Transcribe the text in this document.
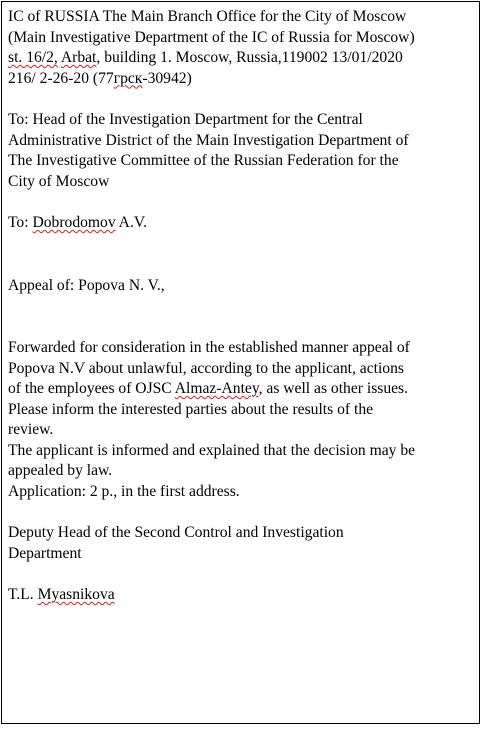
IC of RUSSIA The Main Branch Office for the City of Moscow
(Main Investigative Department of the IC of Russia for Moscow)
st. 16/2, Arbat, building 1. Moscow, Russia,119002 13/01/2020
216/ 2-26-20 (77грск-30942)
To: Head of the Investigation Department for the Central
Administrative District of the Main Investigation Department of
The Investigative Committee of the Russian Federation for the
City of Moscow
To: Dobrodomov A.V.
Appeal of: Popova N. V.,
Forwarded for consideration in the established manner appeal of
Popova N.V about unlawful, according to the applicant, actions
of the employees of OJSC Almaz-Antey, as well as other issues.
Please inform the interested parties about the results of the
review.
The applicant is informed and explained that the decision may be
appealed by law.
Application: 2 p., in the first address.
Deputy Head of the Second Control and Investigation
Department
T.L. Myasnikova
